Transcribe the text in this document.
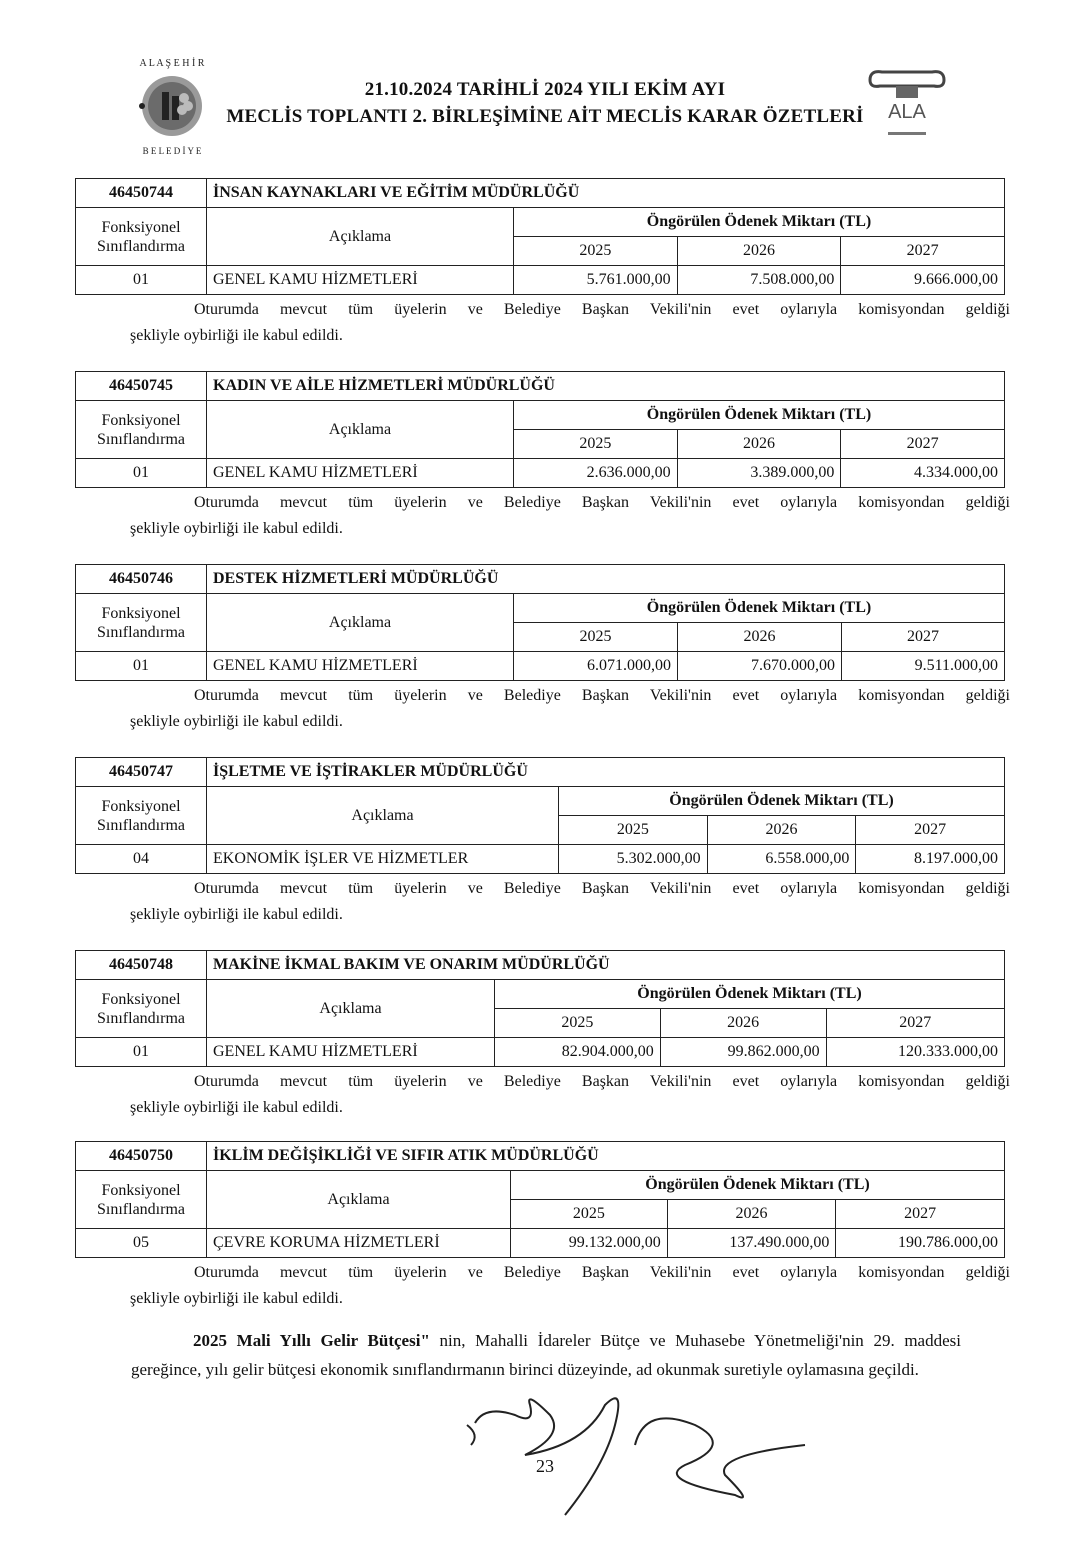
A L A Ş E H İ R
B E L E D İ Y E
21.10.2024 TARİHLİ 2024 YILI EKİM AYI
MECLİS TOPLANTI 2. BİRLEŞİMİNE AİT MECLİS KARAR ÖZETLERİ	ALA
46450744	İNSAN KAYNAKLARI VE EĞİTİM MÜDÜRLÜĞÜ			

Fonksiyonel
Sınıflandırma	Açıklama	Öngörülen Ödenek Miktarı (TL)		
		2025	2026	2027
01	GENEL KAMU HİZMETLERİ	5.761.000,00	7.508.000,00	9.666.000,00
Oturumda mevcut tüm üyelerin ve Belediye Başkan Vekili'nin evet oylarıyla komisyondan geldiği
şekliyle oybirliği ile kabul edildi.
46450745	KADIN VE AİLE HİZMETLERİ MÜDÜRLÜĞÜ			

Fonksiyonel
Sınıflandırma	Açıklama	Öngörülen Ödenek Miktarı (TL)		
		2025	2026	2027
01	GENEL KAMU HİZMETLERİ	2.636.000,00	3.389.000,00	4.334.000,00
Oturumda mevcut tüm üyelerin ve Belediye Başkan Vekili'nin evet oylarıyla komisyondan geldiği
şekliyle oybirliği ile kabul edildi.
46450746	DESTEK HİZMETLERİ MÜDÜRLÜĞÜ			

Fonksiyonel
Sınıflandırma	Açıklama	Öngörülen Ödenek Miktarı (TL)		
		2025	2026	2027
01	GENEL KAMU HİZMETLERİ	6.071.000,00	7.670.000,00	9.511.000,00
Oturumda mevcut tüm üyelerin ve Belediye Başkan Vekili'nin evet oylarıyla komisyondan geldiği
şekliyle oybirliği ile kabul edildi.
46450747	İŞLETME VE İŞTİRAKLER MÜDÜRLÜĞÜ			

Fonksiyonel
Sınıflandırma	Açıklama	Öngörülen Ödenek Miktarı (TL)		
		2025	2026	2027
04	EKONOMİK İŞLER VE HİZMETLER	5.302.000,00	6.558.000,00	8.197.000,00
Oturumda mevcut tüm üyelerin ve Belediye Başkan Vekili'nin evet oylarıyla komisyondan geldiği
şekliyle oybirliği ile kabul edildi.
46450748	MAKİNE İKMAL BAKIM VE ONARIM MÜDÜRLÜĞÜ			

Fonksiyonel
Sınıflandırma	Açıklama	Öngörülen Ödenek Miktarı (TL)		
		2025	2026	2027
01	GENEL KAMU HİZMETLERİ	82.904.000,00	99.862.000,00	120.333.000,00
Oturumda mevcut tüm üyelerin ve Belediye Başkan Vekili'nin evet oylarıyla komisyondan geldiği
şekliyle oybirliği ile kabul edildi.
46450750	İKLİM DEĞİŞİKLİĞİ VE SIFIR ATIK MÜDÜRLÜĞÜ			

Fonksiyonel
Sınıflandırma	Açıklama	Öngörülen Ödenek Miktarı (TL)		
		2025	2026	2027
05	ÇEVRE KORUMA HİZMETLERİ	99.132.000,00	137.490.000,00	190.786.000,00
Oturumda mevcut tüm üyelerin ve Belediye Başkan Vekili'nin evet oylarıyla komisyondan geldiği
şekliyle oybirliği ile kabul edildi.
2025 Mali Yıllı Gelir Bütçesi" nin, Mahalli İdareler Bütçe ve Muhasebe Yönetmeliği'nin 29. maddesi gereğince, yılı gelir bütçesi ekonomik sınıflandırmanın birinci düzeyinde, ad okunmak suretiyle oylamasına geçildi.
23
